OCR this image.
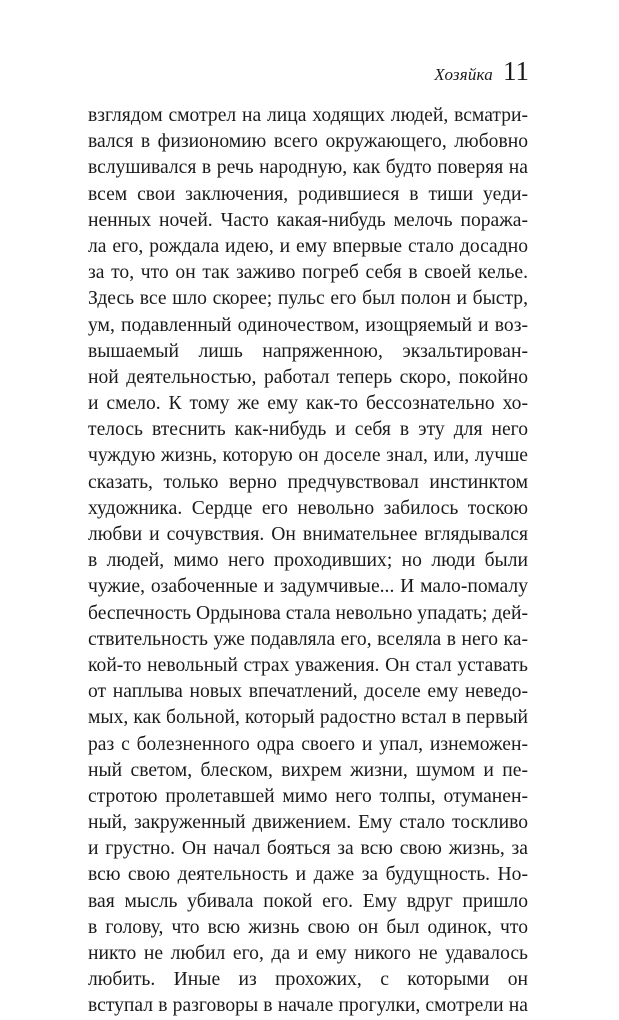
Хозяйка 11
взглядом смотрел на лица ходящих людей, всматри-
вался в физиономию всего окружающего, любовно
вслушивался в речь народную, как будто поверяя на
всем свои заключения, родившиеся в тиши уеди-
ненных ночей. Часто какая-нибудь мелочь поража-
ла его, рождала идею, и ему впервые стало досадно
за то, что он так заживо погреб себя в своей келье.
Здесь все шло скорее; пульс его был полон и быстр,
ум, подавленный одиночеством, изощряемый и воз-
вышаемый лишь напряженною, экзальтирован-
ной деятельностью, работал теперь скоро, покойно
и смело. К тому же ему как-то бессознательно хо-
телось втеснить как-нибудь и себя в эту для него
чуждую жизнь, которую он доселе знал, или, лучше
сказать, только верно предчувствовал инстинктом
художника. Сердце его невольно забилось тоскою
любви и сочувствия. Он внимательнее вглядывался
в людей, мимо него проходивших; но люди были
чужие, озабоченные и задумчивые... И мало-помалу
беспечность Ордынова стала невольно упадать; дей-
ствительность уже подавляла его, вселяла в него ка-
кой-то невольный страх уважения. Он стал уставать
от наплыва новых впечатлений, доселе ему неведо-
мых, как больной, который радостно встал в первый
раз с болезненного одра своего и упал, изнеможен-
ный светом, блеском, вихрем жизни, шумом и пе-
стротою пролетавшей мимо него толпы, отуманен-
ный, закруженный движением. Ему стало тоскливо
и грустно. Он начал бояться за всю свою жизнь, за
всю свою деятельность и даже за будущность. Но-
вая мысль убивала покой его. Ему вдруг пришло
в голову, что всю жизнь свою он был одинок, что
никто не любил его, да и ему никого не удавалось
любить. Иные из прохожих, с которыми он
вступал в разговоры в начале прогулки, смотрели на
